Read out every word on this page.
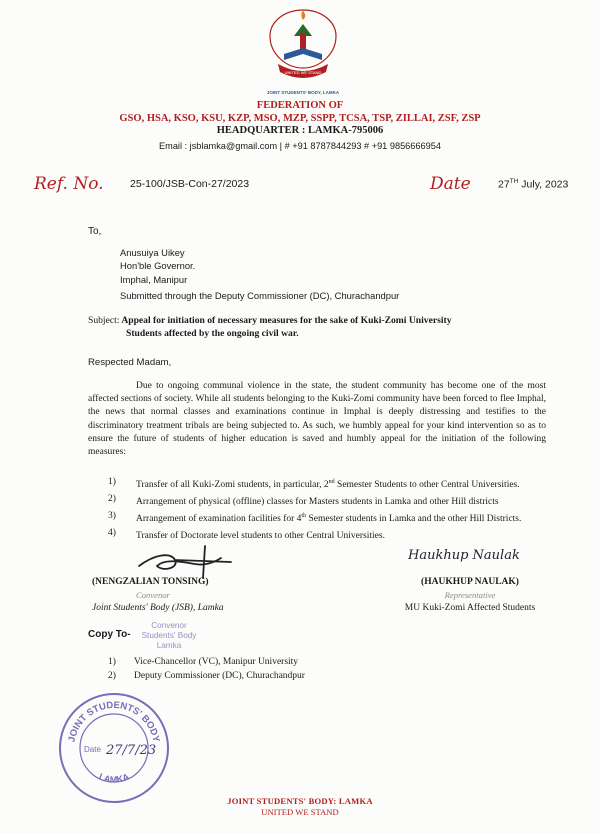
UNITED WE STAND
JOINT STUDENTS' BODY, LAMKA
FEDERATION OF
GSO, HSA, KSO, KSU, KZP, MSO, MZP, SSPP, TCSA, TSP, ZILLAI, ZSF, ZSP
HEADQUARTER : LAMKA-795006
Email : jsblamka@gmail.com | # +91 8787844293 # +91 9856666954
Ref. No.	25-100/JSB-Con-27/2023	Date	27TH July, 2023
To,
Anusuiya Uikey
Hon'ble Governor.
Imphal, Manipur
Submitted through the Deputy Commissioner (DC), Churachandpur
Subject: Appeal for initiation of necessary measures for the sake of Kuki-Zomi University
Students affected by the ongoing civil war.
Respected Madam,
Due to ongoing communal violence in the state, the student community has become one of the most affected sections of society. While all students belonging to the Kuki-Zomi community have been forced to flee Imphal, the news that normal classes and examinations continue in Imphal is deeply distressing and testifies to the discriminatory treatment tribals are being subjected to. As such, we humbly appeal for your kind intervention so as to ensure the future of students of higher education is saved and humbly appeal for the initiation of the following measures:
1)	Transfer of all Kuki-Zomi students, in particular, 2nd Semester Students to other Central Universities.
2)	Arrangement of physical (offline) classes for Masters students in Lamka and other Hill districts
3)	Arrangement of examination facilities for 4th Semester students in Lamka and the other Hill Districts.
4)	Transfer of Doctorate level students to other Central Universities.
(NENGZALIAN TONSING)
Convenor
Joint Students' Body (JSB), Lamka
Haukhup Naulak
(HAUKHUP NAULAK)
Representative
MU Kuki-Zomi Affected Students
Convenor
Students' Body
Lamka
Copy To-
1)	Vice-Chancellor (VC), Manipur University
2)	Deputy Commissioner (DC), Churachandpur
JOINT STUDENTS' BODY
LAMKA
Date 27/7/23
JOINT STUDENTS' BODY: LAMKA
UNITED WE STAND
